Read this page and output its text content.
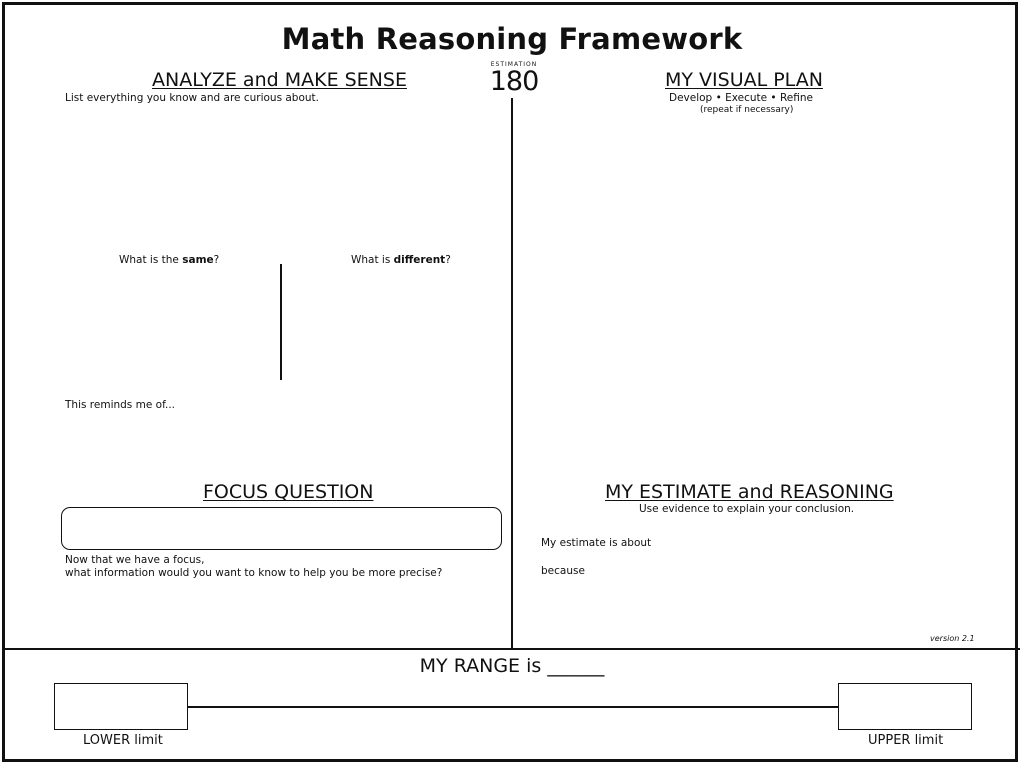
Math Reasoning Framework
ESTIMATION
180
ANALYZE and MAKE SENSE
List everything you know and are curious about.
What is the same?	What is different?
This reminds me of...
MY VISUAL PLAN
Develop • Execute • Refine
(repeat if necessary)
FOCUS QUESTION
Now that we have a focus,
what information would you want to know to help you be more precise?
MY ESTIMATE and REASONING
Use evidence to explain your conclusion.
My estimate is about
because
version 2.1
MY RANGE is ______
LOWER limit	UPPER limit
